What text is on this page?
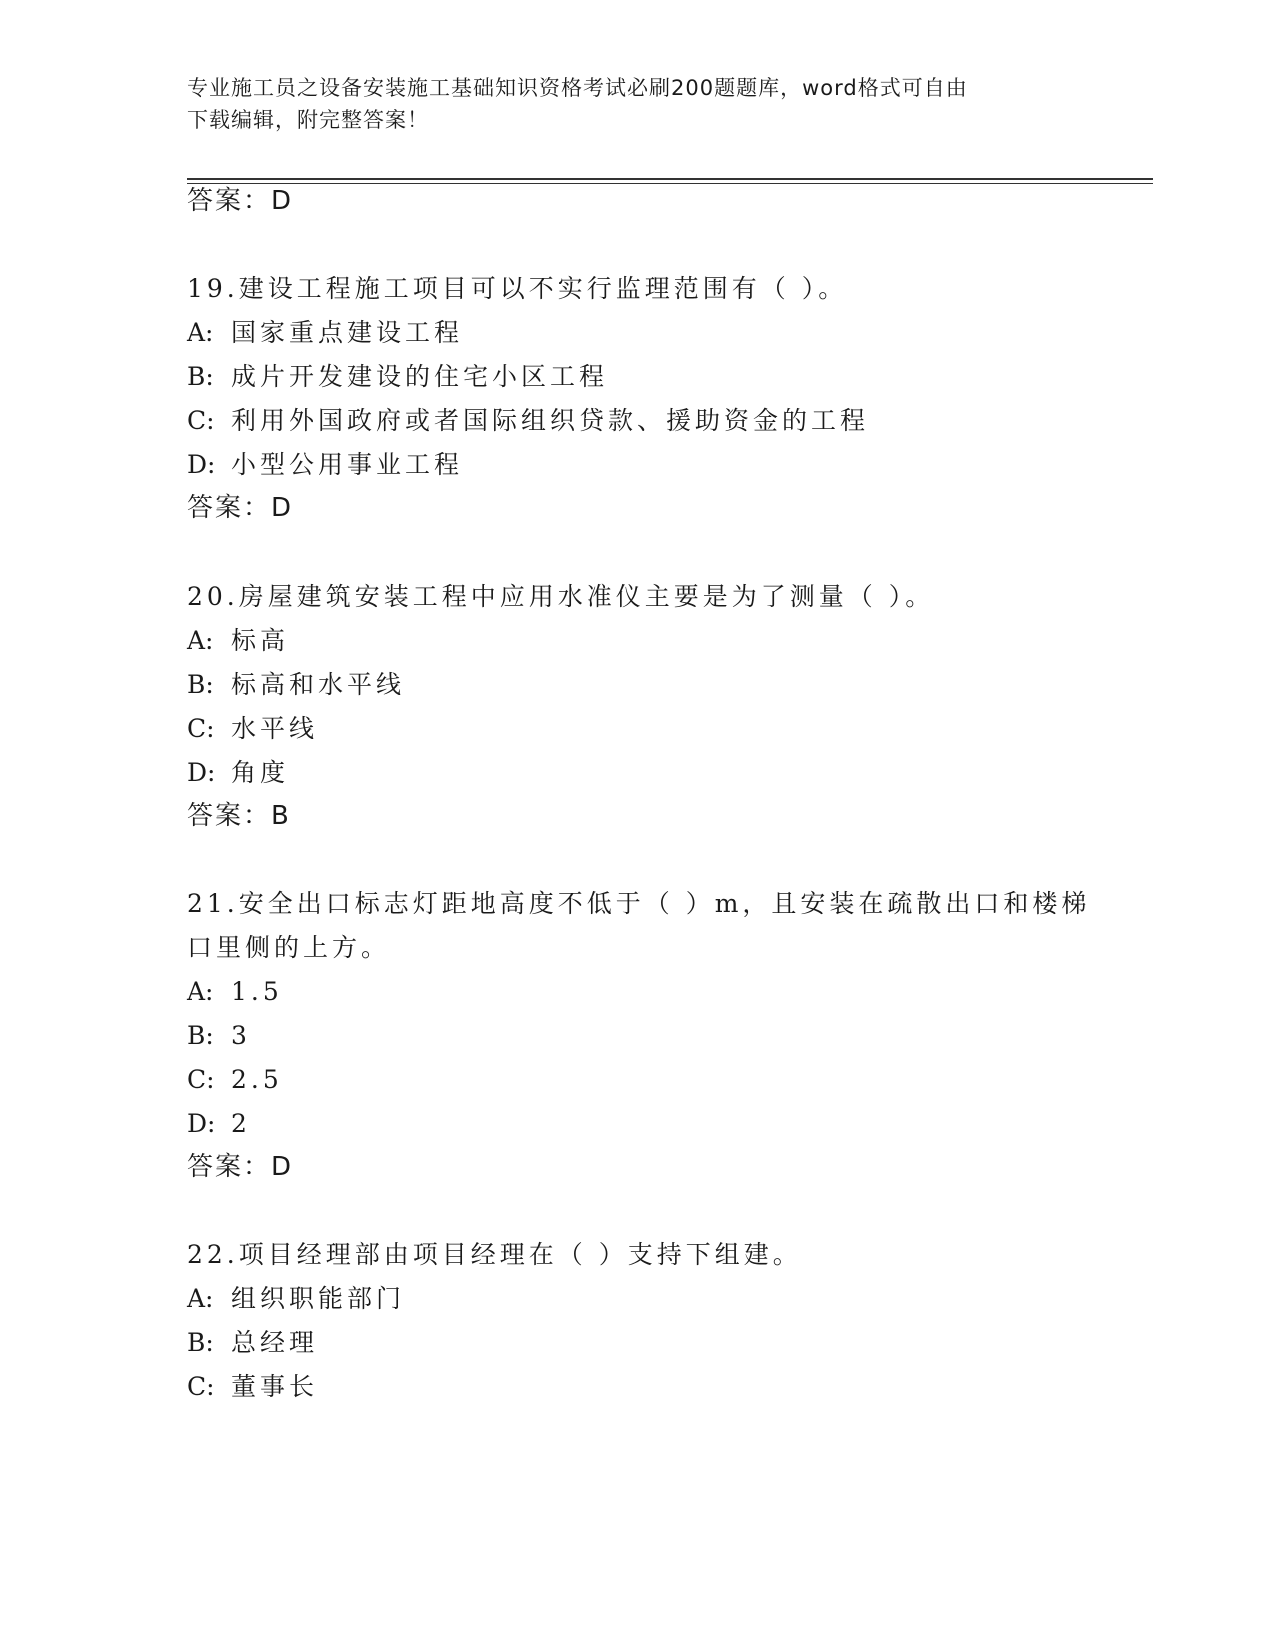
专业施工员之设备安装施工基础知识资格考试必刷200题题库，word格式可自由
下载编辑，附完整答案！
答案：D
19.建设工程施工项目可以不实行监理范围有（ ）。
A: 国家重点建设工程
B: 成片开发建设的住宅小区工程
C: 利用外国政府或者国际组织贷款、援助资金的工程
D: 小型公用事业工程
答案：D
20.房屋建筑安装工程中应用水准仪主要是为了测量（ ）。
A: 标高
B: 标高和水平线
C: 水平线
D: 角度
答案：B
21.安全出口标志灯距地高度不低于（ ）m，且安装在疏散出口和楼梯
口里侧的上方。
A: 1.5
B: 3
C: 2.5
D: 2
答案：D
22.项目经理部由项目经理在（ ）支持下组建。
A: 组织职能部门
B: 总经理
C: 董事长
